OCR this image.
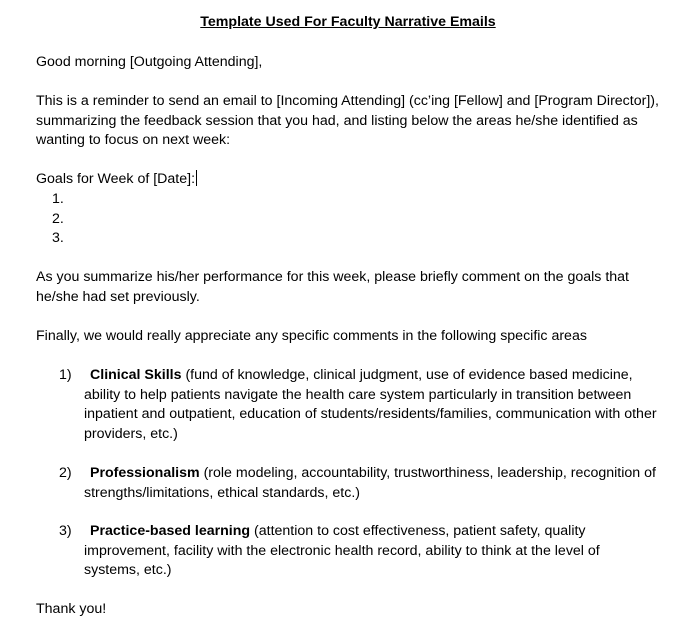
Template Used For Faculty Narrative Emails
Good morning [Outgoing Attending],
This is a reminder to send an email to [Incoming Attending] (cc’ing [Fellow] and [Program Director]), summarizing the feedback session that you had, and listing below the areas he/she identified as wanting to focus on next week:
Goals for Week of [Date]:
1.
2.
3.
As you summarize his/her performance for this week, please briefly comment on the goals that he/she had set previously.
Finally, we would really appreciate any specific comments in the following specific areas
1)	Clinical Skills (fund of knowledge, clinical judgment, use of evidence based medicine, ability to help patients navigate the health care system particularly in transition between inpatient and outpatient, education of students/residents/families, communication with other providers, etc.)
2)	Professionalism (role modeling, accountability, trustworthiness, leadership, recognition of strengths/limitations, ethical standards, etc.)
3)	Practice-based learning (attention to cost effectiveness, patient safety, quality improvement, facility with the electronic health record, ability to think at the level of systems, etc.)
Thank you!
